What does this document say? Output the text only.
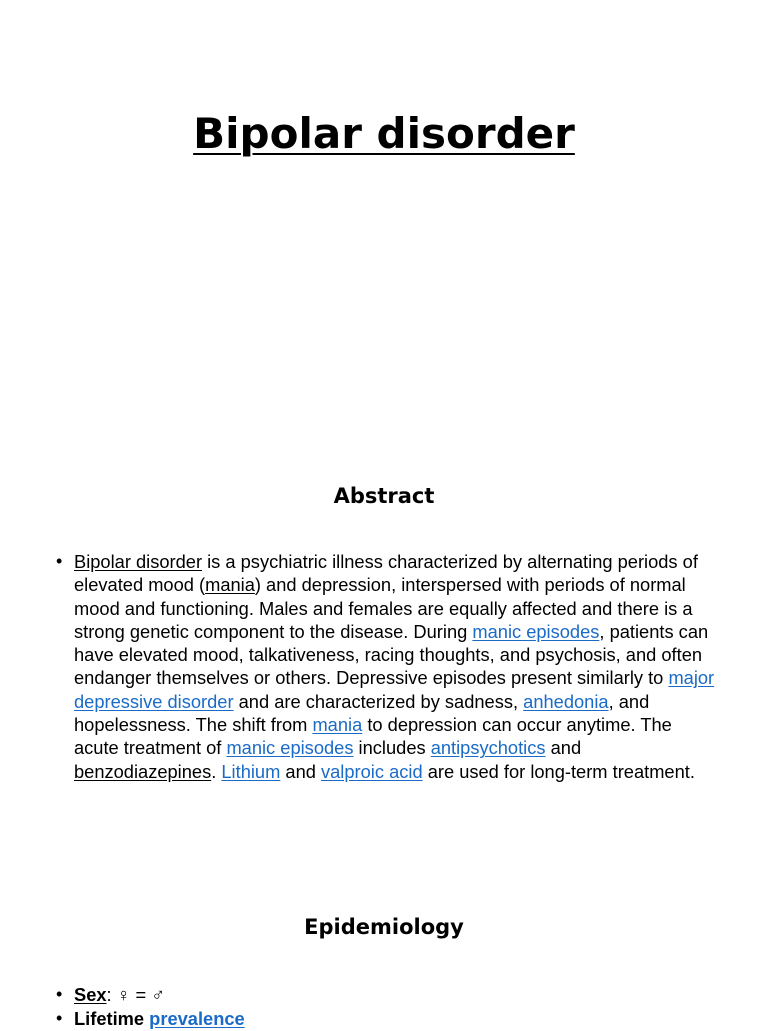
Bipolar disorder
Abstract
• Bipolar disorder is a psychiatric illness characterized by alternating periods of elevated mood (mania) and depression, interspersed with periods of normal mood and functioning. Males and females are equally affected and there is a strong genetic component to the disease. During manic episodes, patients can have elevated mood, talkativeness, racing thoughts, and psychosis, and often endanger themselves or others. Depressive episodes present similarly to major depressive disorder and are characterized by sadness, anhedonia, and hopelessness. The shift from mania to depression can occur anytime. The acute treatment of manic episodes includes antipsychotics and benzodiazepines. Lithium and valproic acid are used for long-term treatment.
Epidemiology
• Sex: ♀ = ♂
• Lifetime prevalence
